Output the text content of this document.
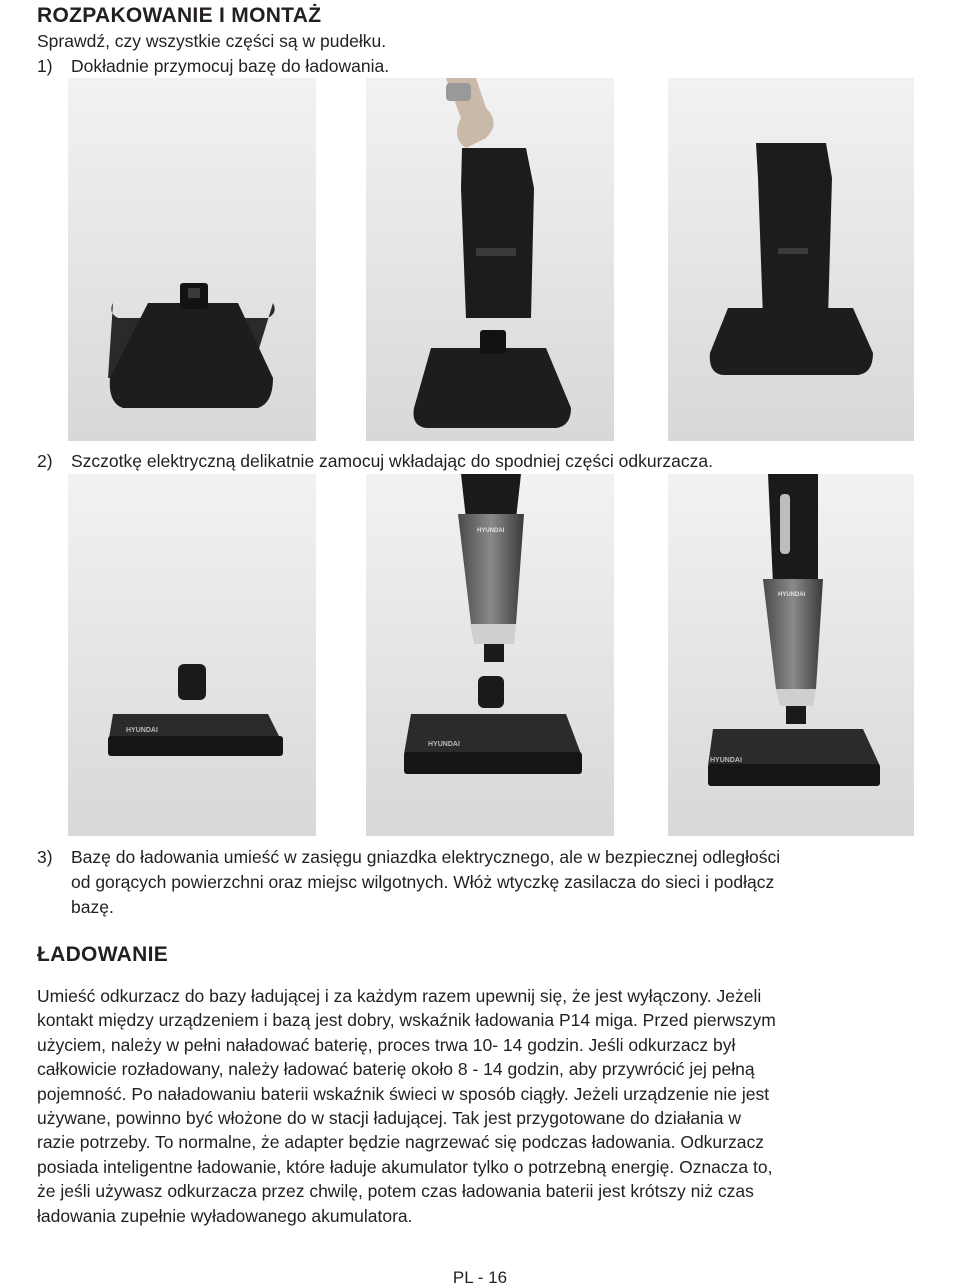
ROZPAKOWANIE I MONTAŻ
Sprawdź, czy wszystkie części są w pudełku.
1) Dokładnie przymocuj bazę do ładowania.
2) Szczotkę elektryczną delikatnie zamocuj wkładając do spodniej części odkurzacza.
HYUNDAI
HYUNDAI
HYUNDAI
HYUNDAI
HYUNDAI
3) Bazę do ładowania umieść w zasięgu gniazdka elektrycznego, ale w bezpiecznej odległości
od gorących powierzchni oraz miejsc wilgotnych. Włóż wtyczkę zasilacza do sieci i podłącz
bazę.
ŁADOWANIE
Umieść odkurzacz do bazy ładującej i za każdym razem upewnij się, że jest wyłączony. Jeżeli
kontakt między urządzeniem i bazą jest dobry, wskaźnik ładowania P14 miga. Przed pierwszym
użyciem, należy w pełni naładować baterię, proces trwa 10- 14 godzin. Jeśli odkurzacz był
całkowicie rozładowany, należy ładować baterię około 8 - 14 godzin, aby przywrócić jej pełną
pojemność. Po naładowaniu baterii wskaźnik świeci w sposób ciągły. Jeżeli urządzenie nie jest
używane, powinno być włożone do w stacji ładującej. Tak jest przygotowane do działania w
razie potrzeby. To normalne, że adapter będzie nagrzewać się podczas ładowania. Odkurzacz
posiada inteligentne ładowanie, które ładuje akumulator tylko o potrzebną energię. Oznacza to,
że jeśli używasz odkurzacza przez chwilę, potem czas ładowania baterii jest krótszy niż czas
ładowania zupełnie wyładowanego akumulatora.
PL - 16
